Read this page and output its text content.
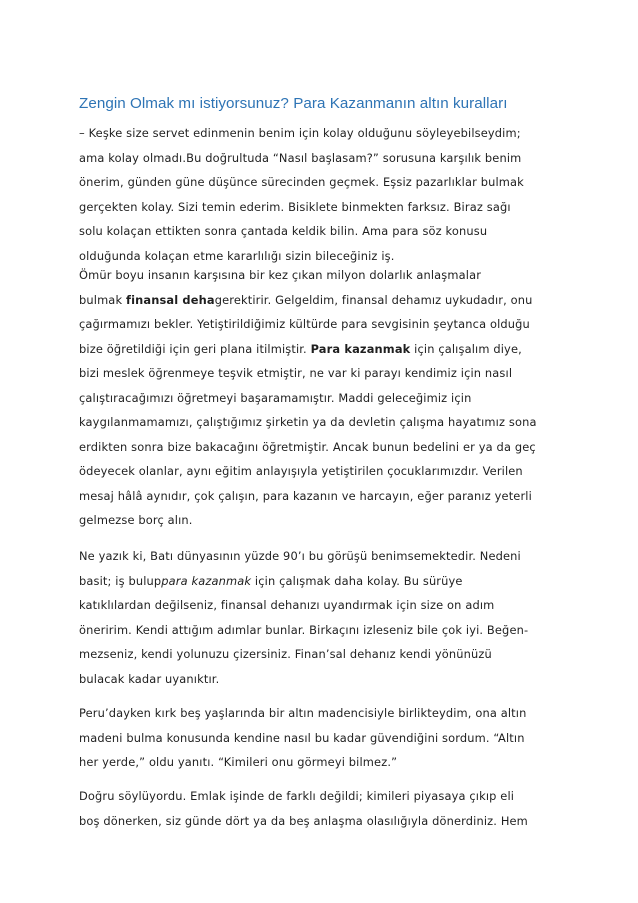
Zengin Olmak mı istiyorsunuz? Para Kazanmanın altın kuralları

– Keşke size servet edinmenin benim için kolay olduğunu söyleyebilseydim;
ama kolay olmadı.Bu doğrultuda “Nasıl başlasam?” sorusuna karşılık benim
önerim, günden güne düşünce sürecinden geçmek. Eşsiz pazarlıklar bulmak
gerçekten kolay. Sizi temin ederim. Bisiklete binmekten farksız. Biraz sağı
solu kolaçan ettikten sonra çantada keldik bilin. Ama para söz konusu
olduğunda kolaçan etme kararlılığı sizin bileceğiniz iş.

Ömür boyu insanın karşısına bir kez çıkan milyon dolarlık anlaşmalar
bulmak finansal dehagerektirir. Gelgeldim, finansal dehamız uykudadır, onu
çağırmamızı bekler. Yetiştirildiğimiz kültürde para sevgisinin şeytanca olduğu
bize öğretildiği için geri plana itilmiştir. Para kazanmak için çalışalım diye,
bizi meslek öğrenmeye teşvik etmiştir, ne var ki parayı kendimiz için nasıl
çalıştıracağımızı öğretmeyi başaramamıştır. Maddi geleceğimiz için
kaygılanmamamızı, çalıştığımız şirketin ya da devletin çalışma hayatımız sona
erdikten sonra bize bakacağını öğretmiştir. Ancak bunun bedelini er ya da geç
ödeyecek olanlar, aynı eğitim anlayışıyla yetiştirilen çocuklarımızdır. Verilen
mesaj hâlâ aynıdır, çok çalışın, para kazanın ve harcayın, eğer paranız yeterli
gelmezse borç alın.

Ne yazık ki, Batı dünyasının yüzde 90’ı bu görüşü benimsemektedir. Nedeni
basit; iş buluppara kazanmak için çalışmak daha kolay. Bu sürüye
katıklılardan değilseniz, finansal dehanızı uyandırmak için size on adım
öneririm. Kendi attığım adımlar bunlar. Birkaçını izleseniz bile çok iyi. Beğen-
mezseniz, kendi yolunuzu çizersiniz. Finan’sal dehanız kendi yönünüzü
bulacak kadar uyanıktır.

Peru’dayken kırk beş yaşlarında bir altın madencisiyle birlikteydim, ona altın
madeni bulma konusunda kendine nasıl bu kadar güvendiğini sordum. “Altın
her yerde,” oldu yanıtı. “Kimileri onu görmeyi bilmez.”

Doğru söylüyordu. Emlak işinde de farklı değildi; kimileri piyasaya çıkıp eli
boş dönerken, siz günde dört ya da beş anlaşma olasılığıyla dönerdiniz. Hem
